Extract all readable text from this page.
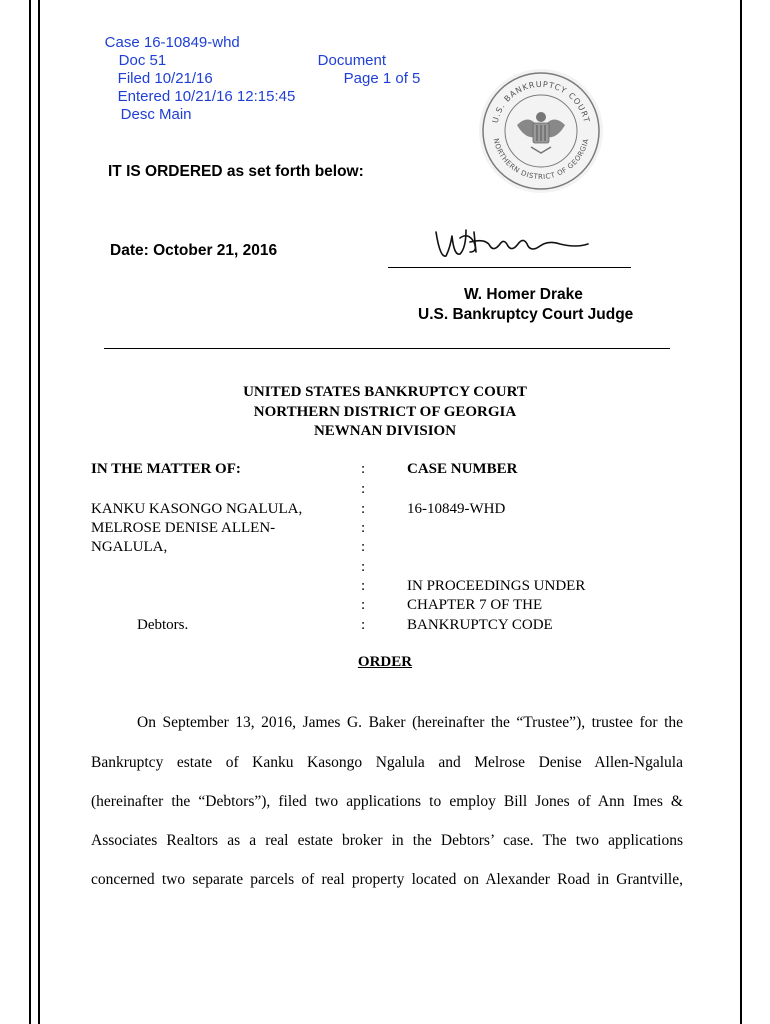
Case 16-10849-whd
Doc 51
Filed 10/21/16
Entered 10/21/16 12:15:45
Desc Main

Document
Page 1 of 5

U.S. BANKRUPTCY COURT
NORTHERN DISTRICT OF GEORGIA
IT IS ORDERED as set forth below:
Date: October 21, 2016
W. Homer Drake
U.S. Bankruptcy Court Judge
UNITED STATES BANKRUPTCY COURT
NORTHERN DISTRICT OF GEORGIA
NEWNAN DIVISION
IN THE MATTER OF:	CASE NUMBER
KANKU KASONGO NGALULA,
MELROSE DENISE ALLEN-
NGALULA,
16-10849-WHD
IN PROCEEDINGS UNDER
CHAPTER 7 OF THE
BANKRUPTCY CODE
Debtors.
:
:
:
:
:
:
:
:
:
ORDER
On September 13, 2016, James G. Baker (hereinafter the “Trustee”), trustee for the
Bankruptcy estate of Kanku Kasongo Ngalula and Melrose Denise Allen-Ngalula
(hereinafter the “Debtors”), filed two applications to employ Bill Jones of Ann Imes &
Associates Realtors as a real estate broker in the Debtors’ case. The two applications
concerned two separate parcels of real property located on Alexander Road in Grantville,
